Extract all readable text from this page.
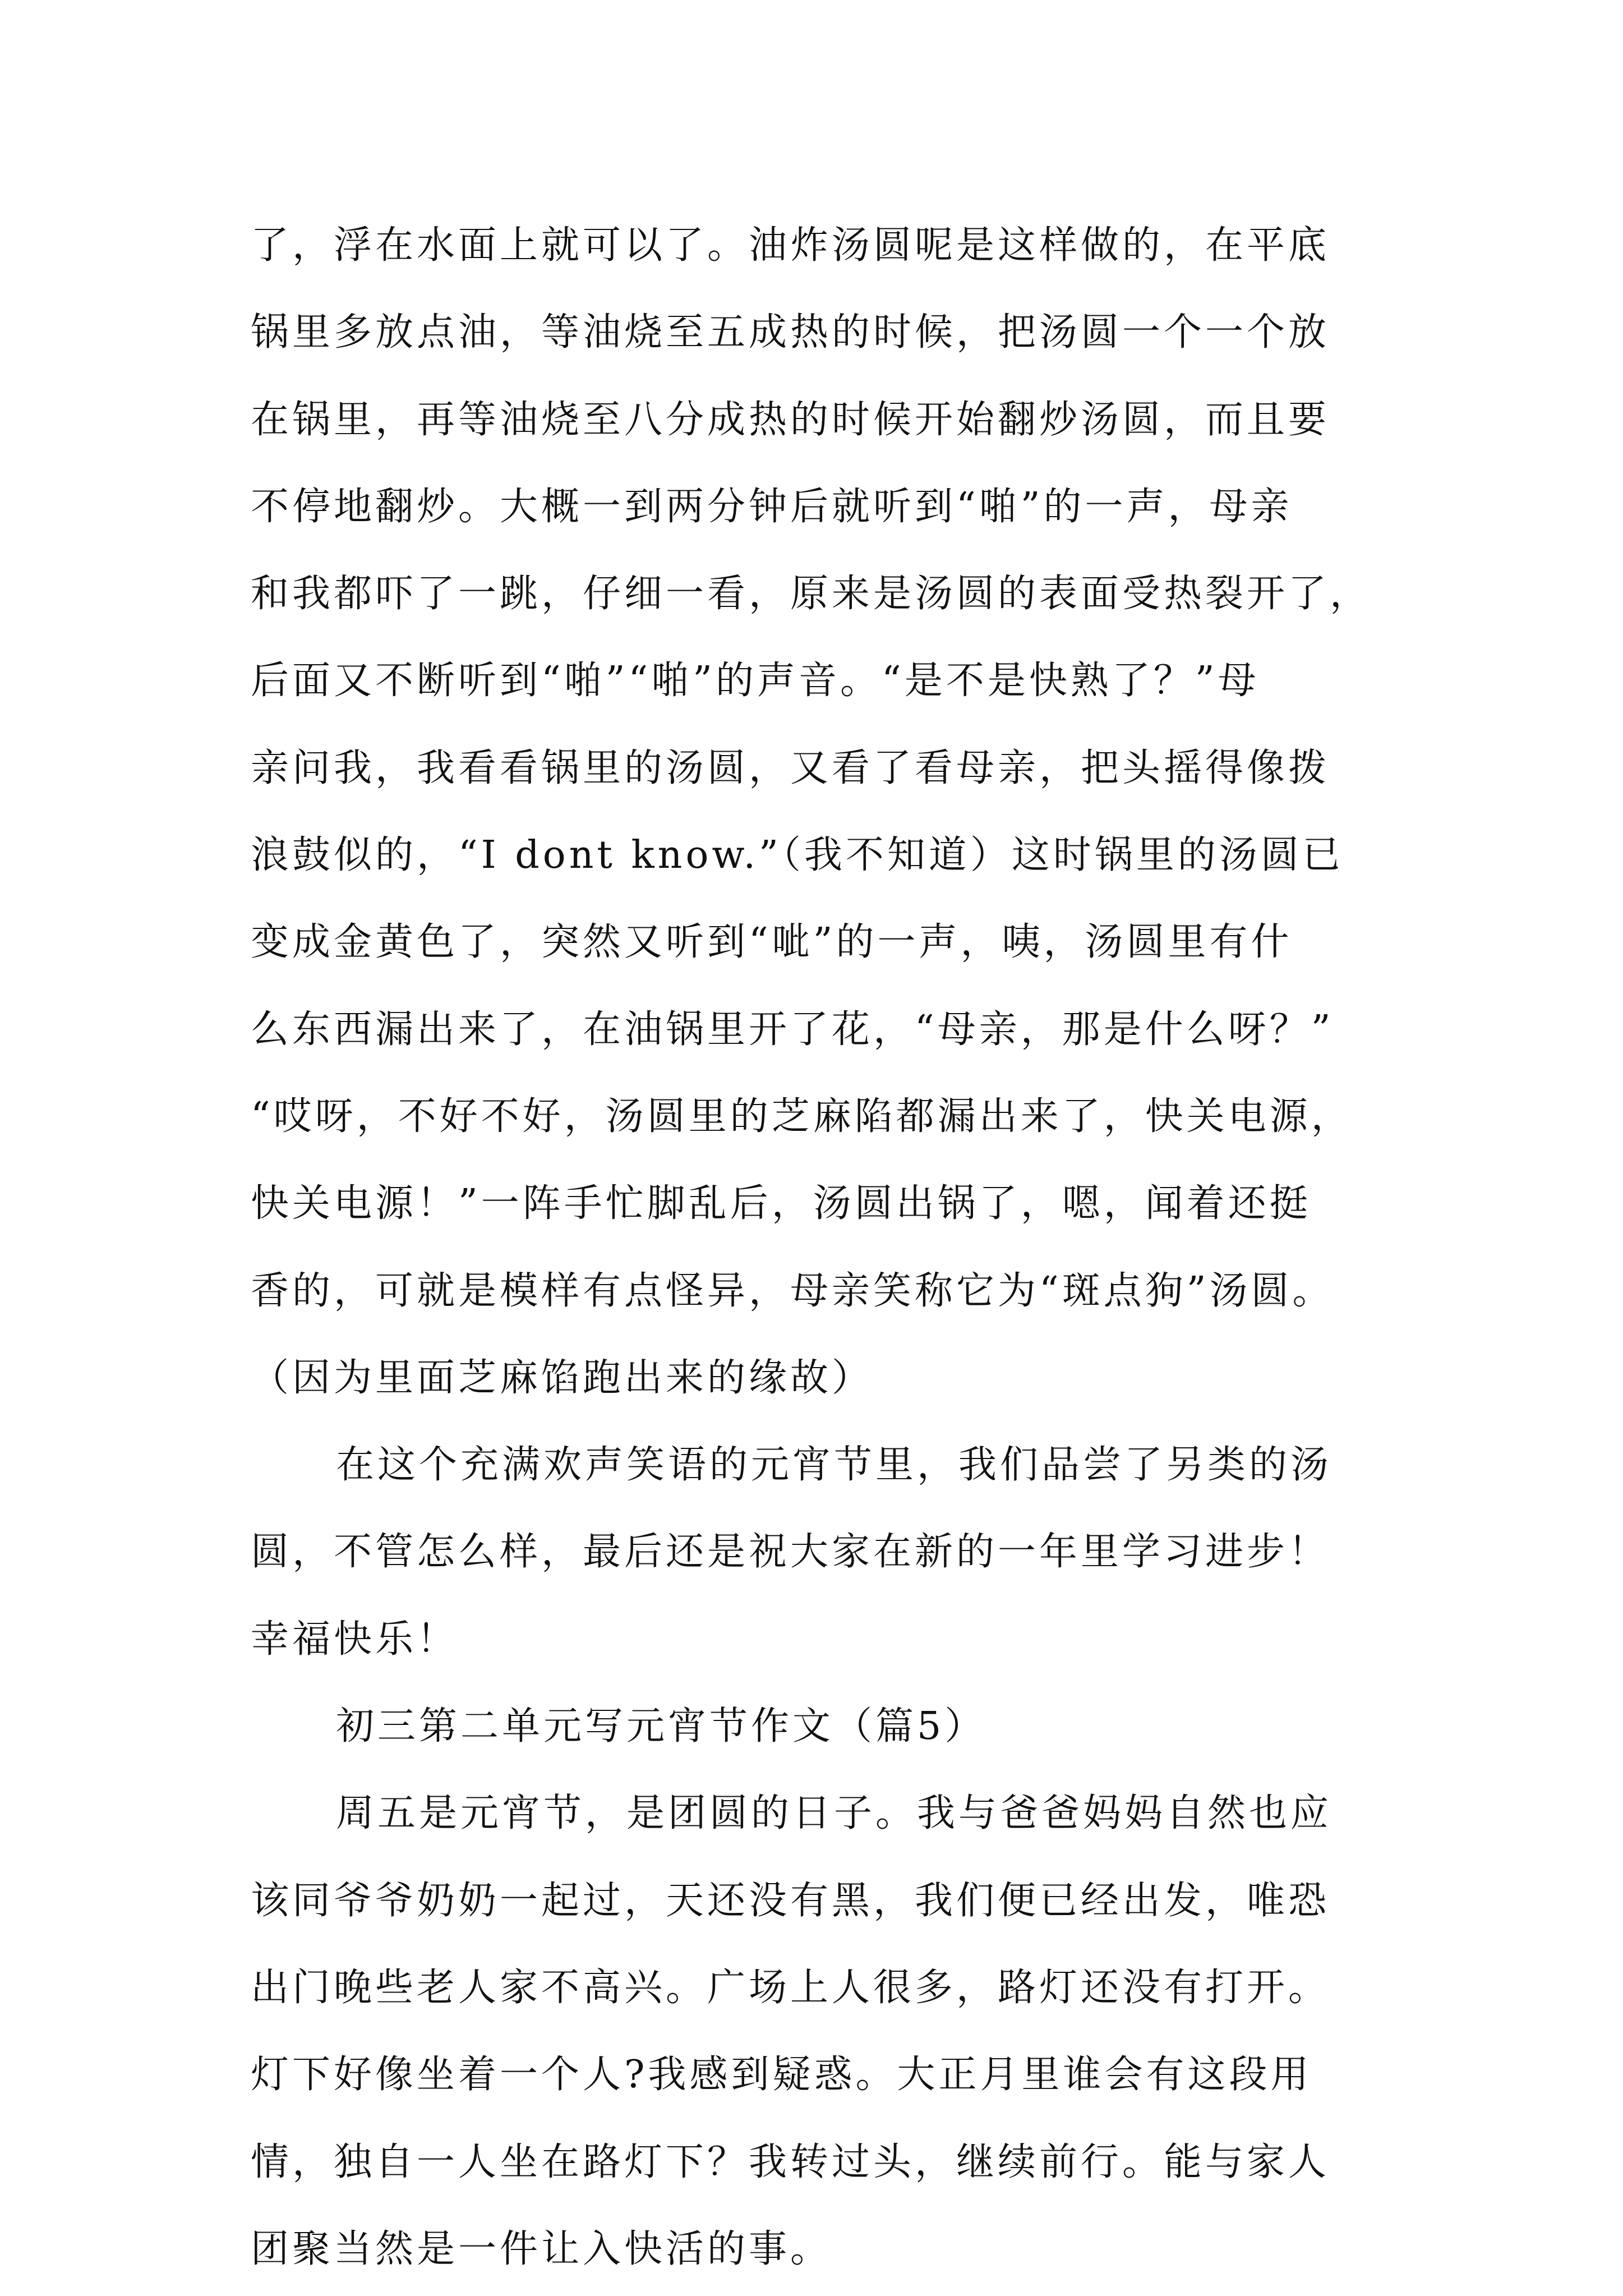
了，浮在水面上就可以了。油炸汤圆呢是这样做的，在平底
锅里多放点油，等油烧至五成热的时候，把汤圆一个一个放
在锅里，再等油烧至八分成热的时候开始翻炒汤圆，而且要
不停地翻炒。大概一到两分钟后就听到“啪”的一声，母亲
和我都吓了一跳，仔细一看，原来是汤圆的表面受热裂开了，
后面又不断听到“啪”“啪”的声音。“是不是快熟了？”母
亲问我，我看看锅里的汤圆，又看了看母亲，把头摇得像拨
浪鼓似的，“I dont know.”（我不知道）这时锅里的汤圆已
变成金黄色了，突然又听到“呲”的一声，咦，汤圆里有什
么东西漏出来了，在油锅里开了花，“母亲，那是什么呀？”
“哎呀，不好不好，汤圆里的芝麻陷都漏出来了，快关电源，
快关电源！”一阵手忙脚乱后，汤圆出锅了，嗯，闻着还挺
香的，可就是模样有点怪异，母亲笑称它为“斑点狗”汤圆。
（因为里面芝麻馅跑出来的缘故）
在这个充满欢声笑语的元宵节里，我们品尝了另类的汤
圆，不管怎么样，最后还是祝大家在新的一年里学习进步！
幸福快乐！
初三第二单元写元宵节作文（篇5）
周五是元宵节，是团圆的日子。我与爸爸妈妈自然也应
该同爷爷奶奶一起过，天还没有黑，我们便已经出发，唯恐
出门晚些老人家不高兴。广场上人很多，路灯还没有打开。
灯下好像坐着一个人?我感到疑惑。大正月里谁会有这段用
情，独自一人坐在路灯下？我转过头，继续前行。能与家人
团聚当然是一件让入快活的事。
